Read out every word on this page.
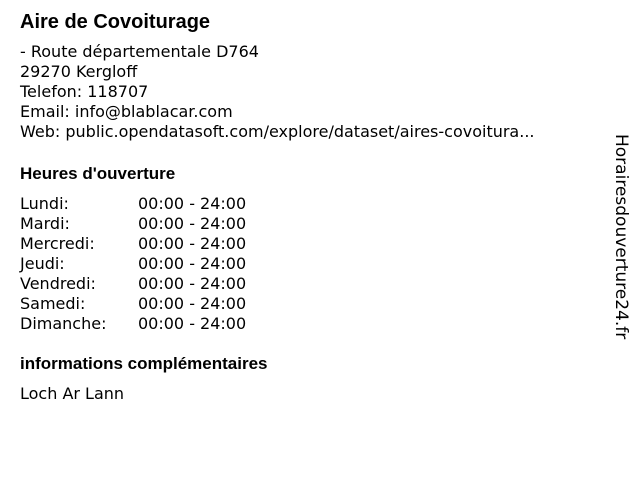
Aire de Covoiturage
- Route départementale D764
29270 Kergloff
Telefon: 118707
Email: info@blablacar.com
Web: public.opendatasoft.com/explore/dataset/aires-covoitura...
Heures d'ouverture
Lundi:	00:00 - 24:00
Mardi:	00:00 - 24:00
Mercredi:	00:00 - 24:00
Jeudi:	00:00 - 24:00
Vendredi:	00:00 - 24:00
Samedi:	00:00 - 24:00
Dimanche:	00:00 - 24:00
informations complémentaires
Loch Ar Lann
Horairesdouverture24.fr
